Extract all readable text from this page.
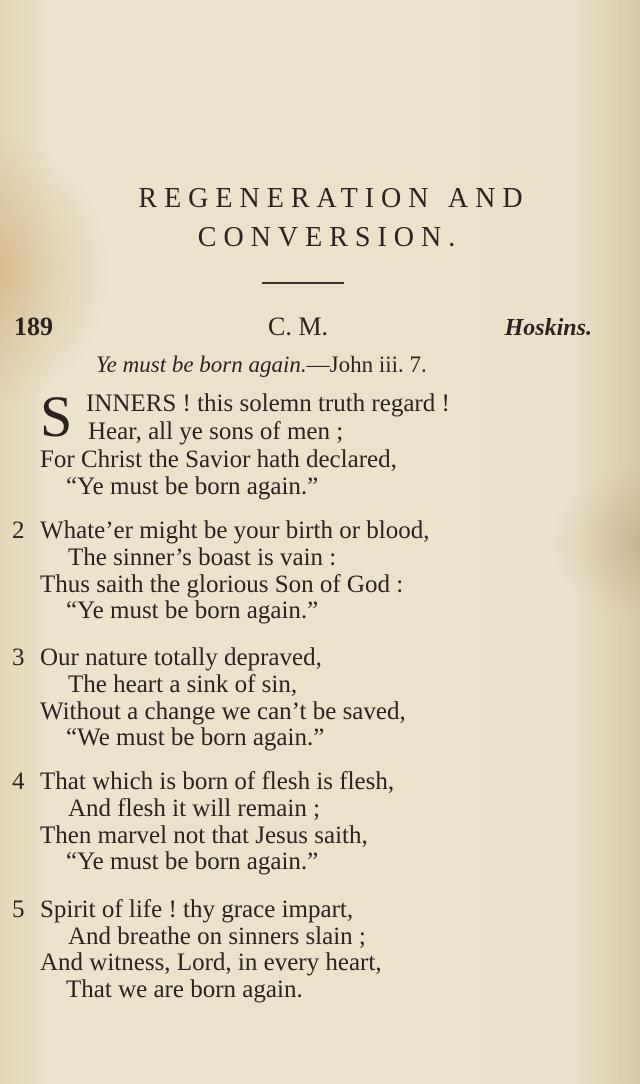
REGENERATION AND
CONVERSION.
189	C. M.	Hoskins.
Ye must be born again.—John iii. 7.
S INNERS ! this solemn truth regard !
Hear, all ye sons of men ;
For Christ the Savior hath declared,
“Ye must be born again.”
2 Whate’er might be your birth or blood,
The sinner’s boast is vain :
Thus saith the glorious Son of God :
“Ye must be born again.”
3 Our nature totally depraved,
The heart a sink of sin,
Without a change we can’t be saved,
“We must be born again.”
4 That which is born of flesh is flesh,
And flesh it will remain ;
Then marvel not that Jesus saith,
“Ye must be born again.”
5 Spirit of life ! thy grace impart,
And breathe on sinners slain ;
And witness, Lord, in every heart,
That we are born again.
